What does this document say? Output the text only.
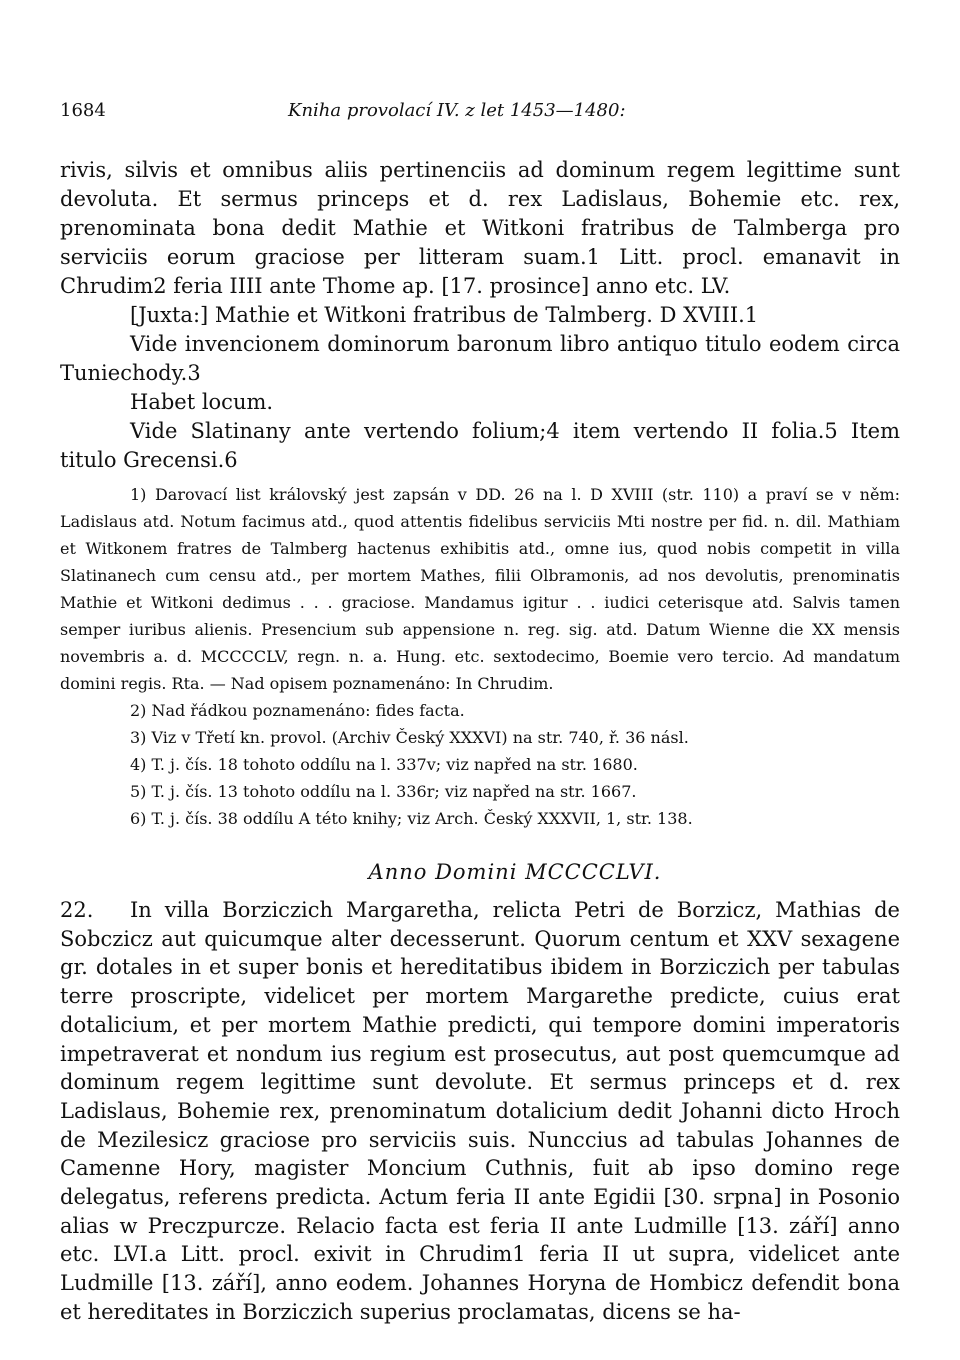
1684	Kniha provolací IV. z let 1453—1480:

rivis, silvis et omnibus aliis pertinenciis ad dominum regem legittime sunt devoluta. Et sermus princeps et d. rex Ladislaus, Bohemie etc. rex, prenominata bona dedit Mathie et Witkoni fratribus de Talmberga pro serviciis eorum graciose per litteram suam.1 Litt. procl. emanavit in Chrudim2 feria IIII ante Thome ap. [17. prosince] anno etc. LV.

[Juxta:] Mathie et Witkoni fratribus de Talmberg. D XVIII.1

Vide invencionem dominorum baronum libro antiquo titulo eodem circa Tuniechody.3

Habet locum.

Vide Slatinany ante vertendo folium;4 item vertendo II folia.5 Item titulo Grecensi.6

1) Darovací list královský jest zapsán v DD. 26 na l. D XVIII (str. 110) a praví se v něm: Ladislaus atd. Notum facimus atd., quod attentis fidelibus serviciis Mti nostre per fid. n. dil. Mathiam et Witkonem fratres de Talmberg hactenus exhibitis atd., omne ius, quod nobis competit in villa Slatinanech cum censu atd., per mortem Mathes, filii Olbramonis, ad nos devolutis, prenominatis Mathie et Witkoni dedimus . . . graciose. Mandamus igitur . . iudici ceterisque atd. Salvis tamen semper iuribus alienis. Presencium sub appensione n. reg. sig. atd. Datum Wienne die XX mensis novembris a. d. MCCCCLV, regn. n. a. Hung. etc. sextodecimo, Boemie vero tercio. Ad mandatum domini regis. Rta. — Nad opisem poznamenáno: In Chrudim.

2) Nad řádkou poznamenáno: fides facta.

3) Viz v Třetí kn. provol. (Archiv Český XXXVI) na str. 740, ř. 36 násl.

4) T. j. čís. 18 tohoto oddílu na l. 337v; viz napřed na str. 1680.

5) T. j. čís. 13 tohoto oddílu na l. 336r; viz napřed na str. 1667.

6) T. j. čís. 38 oddílu A této knihy; viz Arch. Český XXXVII, 1, str. 138.

Anno Domini MCCCCLVI.

22. In villa Borziczich Margaretha, relicta Petri de Borzicz, Mathias de Sobczicz aut quicumque alter decesserunt. Quorum centum et XXV sexagene gr. dotales in et super bonis et hereditatibus ibidem in Borziczich per tabulas terre proscripte, videlicet per mortem Margarethe predicte, cuius erat dotalicium, et per mortem Mathie predicti, qui tempore domini imperatoris impetraverat et nondum ius regium est prosecutus, aut post quemcumque ad dominum regem legittime sunt devolute. Et sermus princeps et d. rex Ladislaus, Bohemie rex, prenominatum dotalicium dedit Johanni dicto Hroch de Mezilesicz graciose pro serviciis suis. Nunccius ad tabulas Johannes de Camenne Hory, magister Moncium Cuthnis, fuit ab ipso domino rege delegatus, referens predicta. Actum feria II ante Egidii [30. srpna] in Posonio alias w Preczpurcze. Relacio facta est feria II ante Ludmille [13. září] anno etc. LVI.a Litt. procl. exivit in Chrudim1 feria II ut supra, videlicet ante Ludmille [13. září], anno eodem. Johannes Horyna de Hombicz defendit bona et hereditates in Borziczich superius proclamatas, dicens se ha-
